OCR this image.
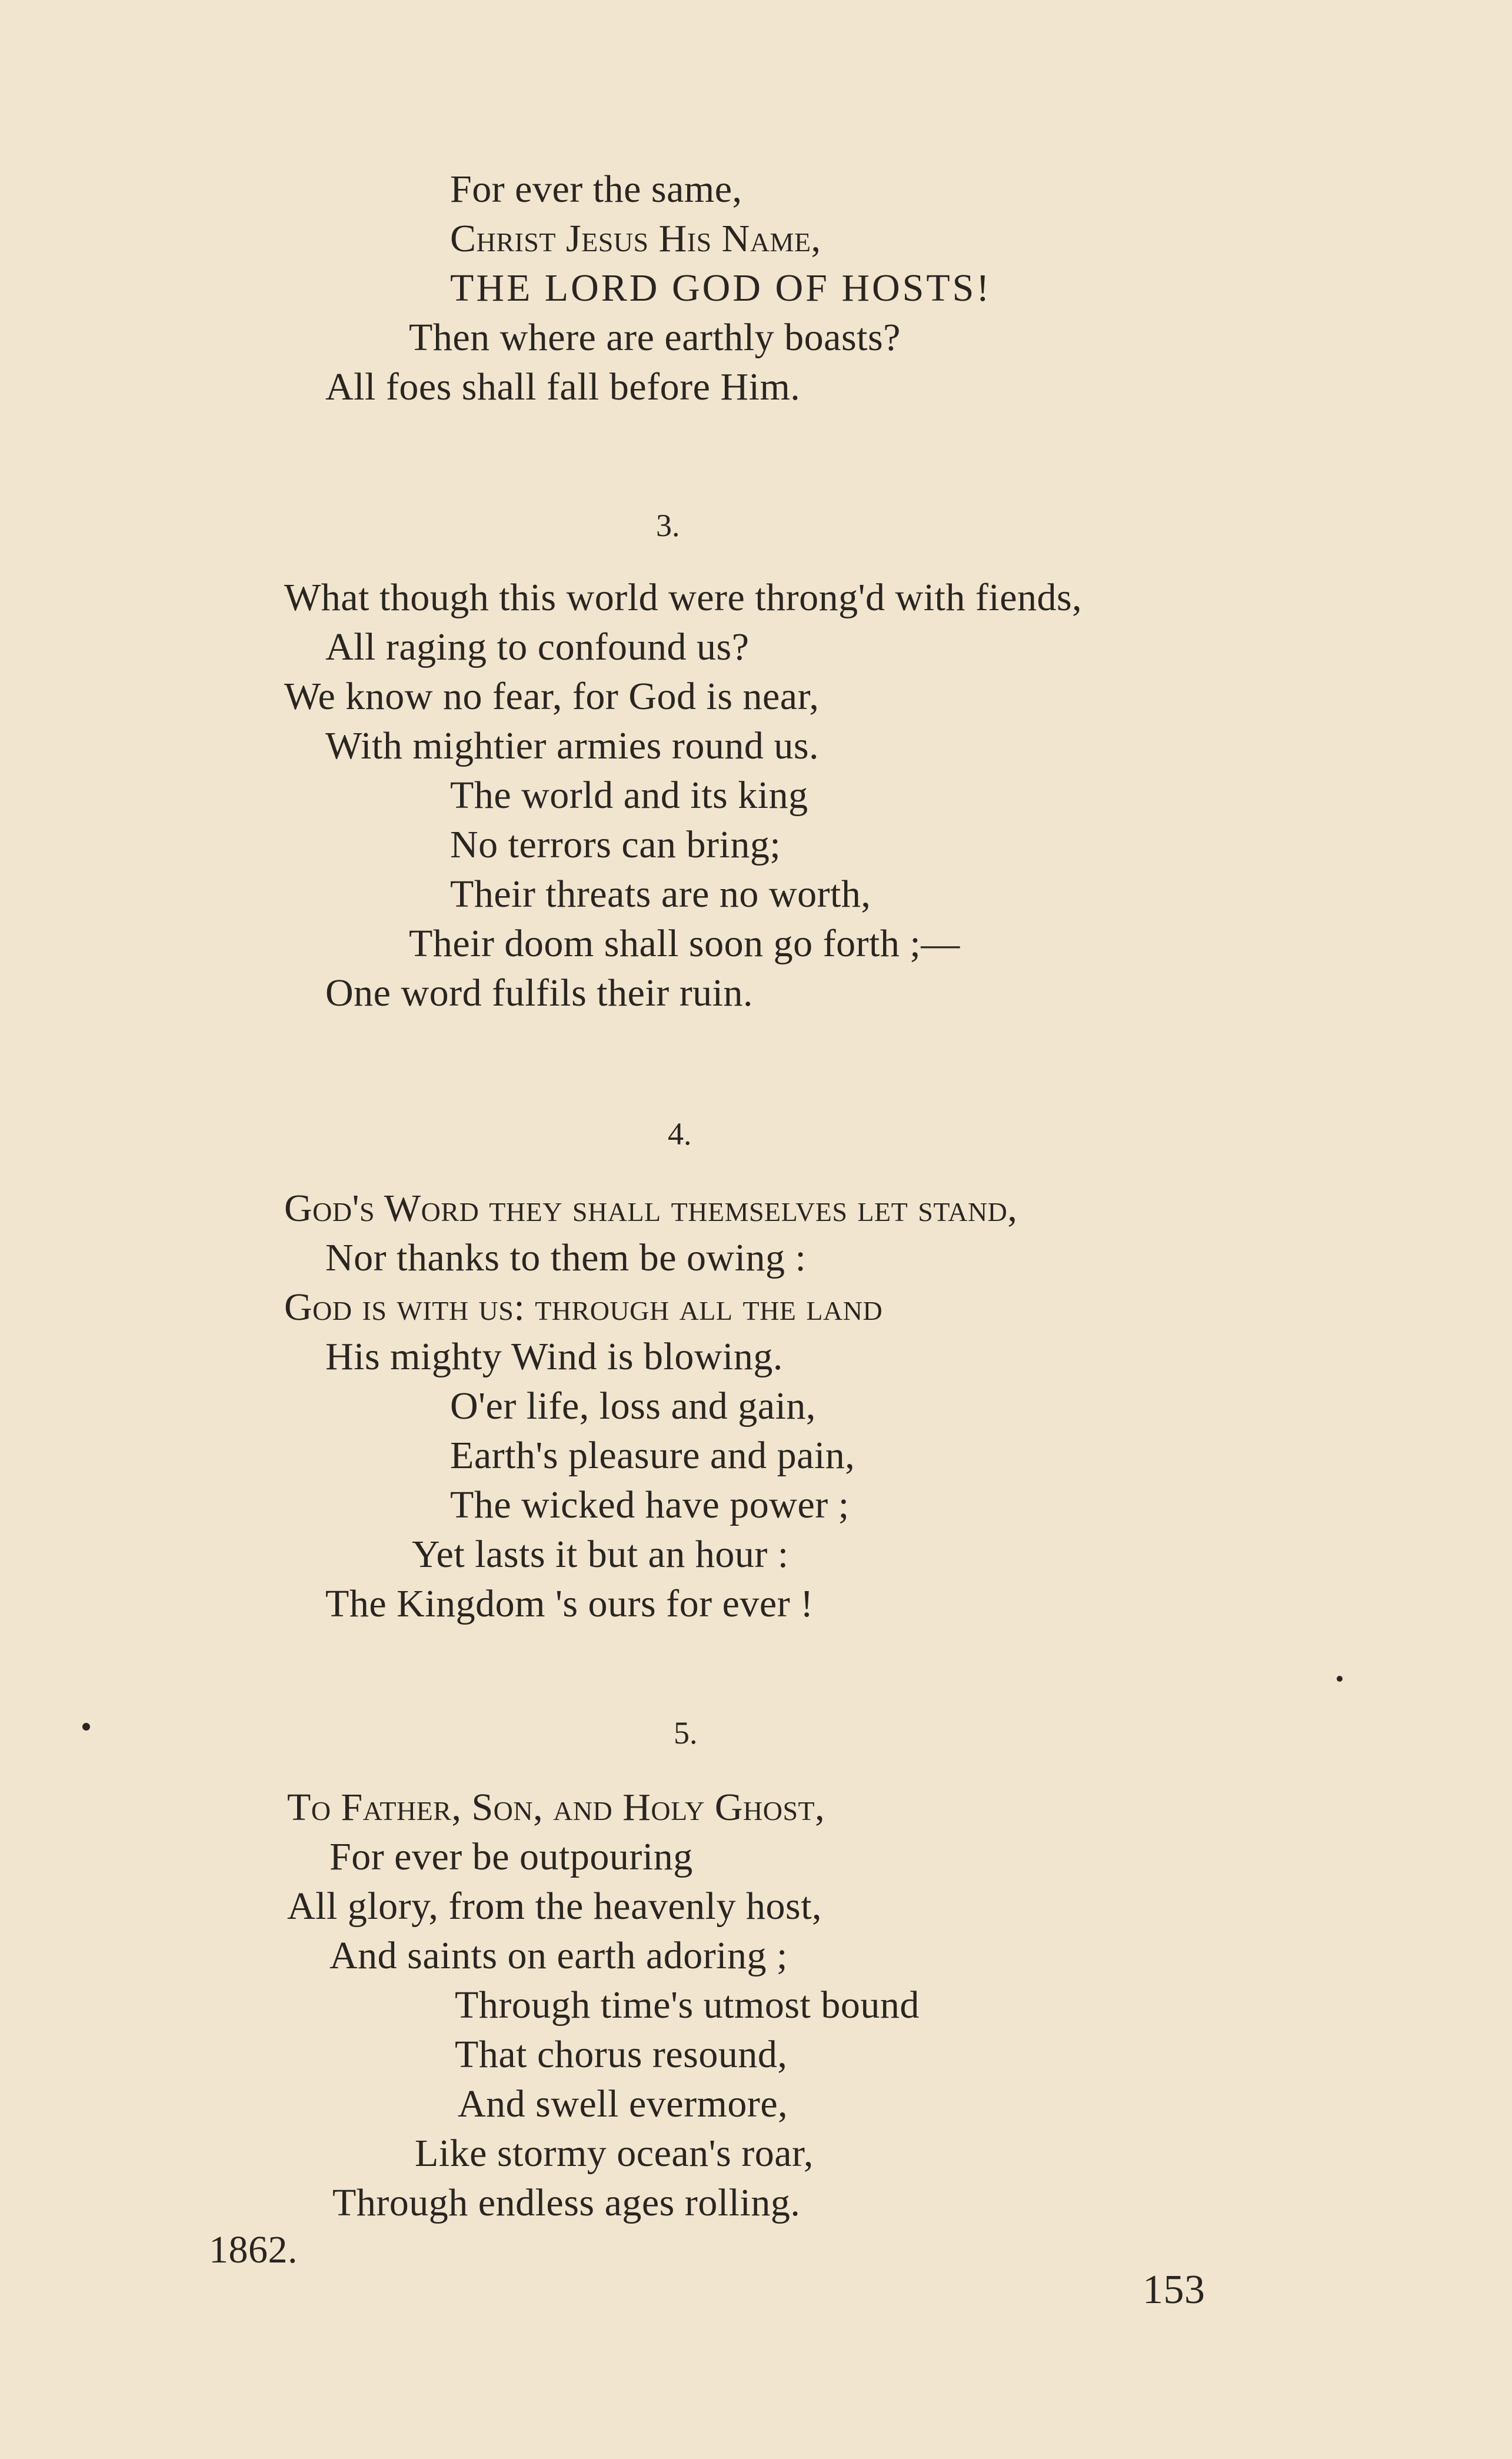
For ever the same,
Christ Jesus His Name,
THE LORD GOD OF HOSTS!
Then where are earthly boasts?
All foes shall fall before Him.
3.
What though this world were throng'd with fiends,
All raging to confound us?
We know no fear, for God is near,
With mightier armies round us.
The world and its king
No terrors can bring;
Their threats are no worth,
Their doom shall soon go forth ;—
One word fulfils their ruin.
4.
God's Word they shall themselves let stand,
Nor thanks to them be owing :
God is with us: through all the land
His mighty Wind is blowing.
O'er life, loss and gain,
Earth's pleasure and pain,
The wicked have power ;
Yet lasts it but an hour :
The Kingdom 's ours for ever !
5.
To Father, Son, and Holy Ghost,
For ever be outpouring
All glory, from the heavenly host,
And saints on earth adoring ;
Through time's utmost bound
That chorus resound,
And swell evermore,
Like stormy ocean's roar,
Through endless ages rolling.
1862.
153
